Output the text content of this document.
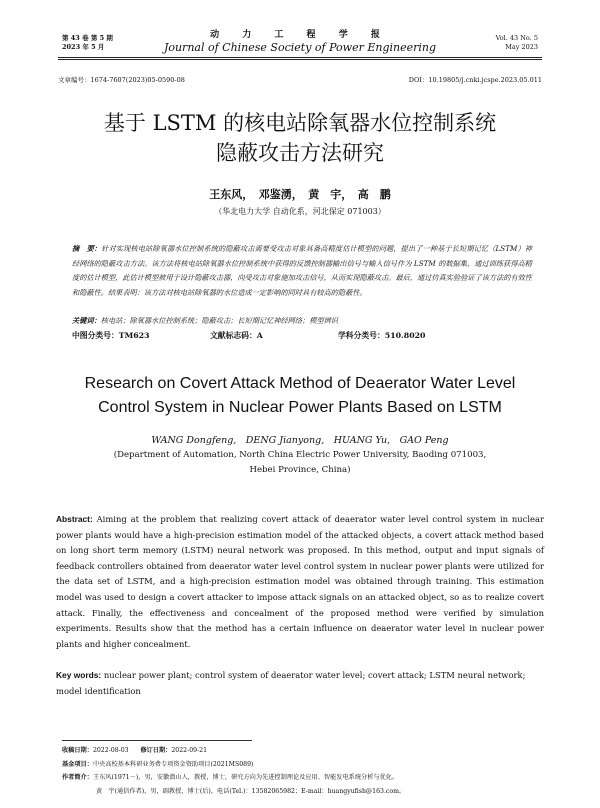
第 43 卷 第 5 期
2023 年 5 月
动 力 工 程 学 报
Journal of Chinese Society of Power Engineering
Vol. 43 No. 5
May 2023
文章编号：1674-7607(2023)05-0590-08	DOI：10.19805/j.cnki.jcspe.2023.05.011
基于 LSTM 的核电站除氧器水位控制系统
隐蔽攻击方法研究
王东风，　邓鉴湧，　黄　宇，　高　鹏
（华北电力大学 自动化系，河北保定 071003）
摘　要：针对实现核电站除氧器水位控制系统的隐蔽攻击需要受攻击对象具备高精度估计模型的问题，提出了一种基于长短期记忆（LSTM）神经网络的隐蔽攻击方法。该方法将核电站除氧器水位控制系统中获得的反馈控制器输出信号与输入信号作为 LSTM 的数据集，通过训练获得高精度的估计模型，此估计模型被用于设计隐蔽攻击器，向受攻击对象施加攻击信号，从而实现隐蔽攻击。最后，通过仿真实验验证了该方法的有效性和隐蔽性。结果表明：该方法对核电站除氧器的水位造成一定影响的同时具有较高的隐蔽性。
关键词：核电站；除氧器水位控制系统；隐蔽攻击；长短期记忆神经网络；模型辨识
中图分类号：TM623	文献标志码：A	学科分类号：510.8020
Research on Covert Attack Method of Deaerator Water Level
Control System in Nuclear Power Plants Based on LSTM
WANG Dongfeng,　DENG Jianyong,　HUANG Yu,　GAO Peng
(Department of Automation, North China Electric Power University, Baoding 071003,
Hebei Province, China)
Abstract: Aiming at the problem that realizing covert attack of deaerator water level control system in nuclear power plants would have a high-precision estimation model of the attacked objects, a covert attack method based on long short term memory (LSTM) neural network was proposed. In this method, output and input signals of feedback controllers obtained from deaerator water level control system in nuclear power plants were utilized for the data set of LSTM, and a high-precision estimation model was obtained through training. This estimation model was used to design a covert attacker to impose attack signals on an attacked object, so as to realize covert attack. Finally, the effectiveness and concealment of the proposed method were verified by simulation experiments. Results show that the method has a certain influence on deaerator water level in nuclear power plants and higher concealment.
Key words: nuclear power plant; control system of deaerator water level; covert attack; LSTM neural network; model identification
收稿日期：2022-08-03 修订日期：2022-09-21
基金项目：中央高校基本科研业务费专项资金资助项目(2021MS089)
作者简介：王东风(1971－)，男，安徽潜山人，教授，博士，研究方向为先进控制理论及应用、智能发电系统分析与优化。
黄　宇(通信作者)，男，副教授，博士(后)，电话(Tel.)：13582065982；E-mail：huangyufish@163.com。
